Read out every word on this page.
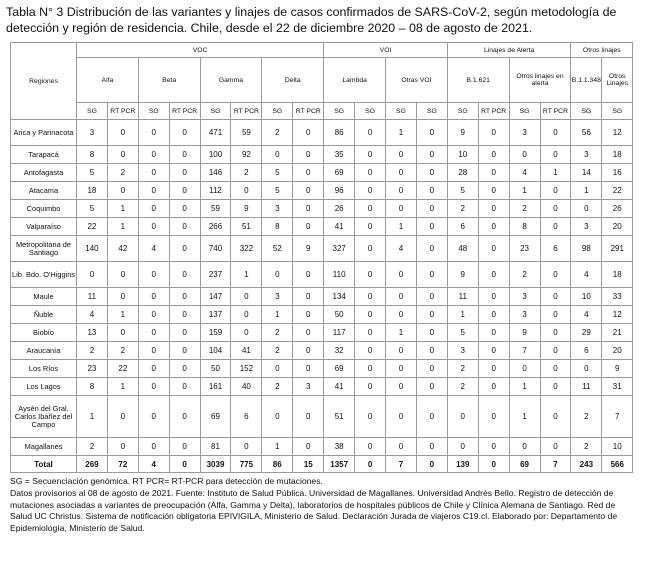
Tabla N° 3 Distribución de las variantes y linajes de casos confirmados de SARS-CoV-2, según metodología de detección y región de residencia. Chile, desde el 22 de diciembre 2020 – 08 de agosto de 2021.

Regiones	VOC								VOI				Linajes de Alerta				Otros linajes	
	Alfa		Beta		Gamma		Delta		Lambda		Otras VOI		B.1.621		Otros linajes en alerta		B.1.1.348	Otros Linajes
	SG	RT PCR	SG	RT PCR	SG	RT PCR	SG	RT PCR	SG	SG	SG	SG	SG	RT PCR	SG	RT PCR	SG	SG
Arica y Parinacota	3	0	0	0	471	59	2	0	86	0	1	0	9	0	3	0	56	12
Tarapacá	8	0	0	0	100	92	0	0	35	0	0	0	10	0	0	0	3	18
Antofagasta	5	2	0	0	146	2	5	0	69	0	0	0	28	0	4	1	14	16
Atacama	18	0	0	0	112	0	5	0	96	0	0	0	5	0	1	0	1	22
Coquimbo	5	1	0	0	59	9	3	0	26	0	0	0	2	0	2	0	0	26
Valparaíso	22	1	0	0	266	51	8	0	41	0	1	0	6	0	8	0	3	20
Metropolitana de Santiago	140	42	4	0	740	322	52	9	327	0	4	0	48	0	23	6	98	291
Lib. Bdo. O'Higgins	0	0	0	0	237	1	0	0	110	0	0	0	9	0	2	0	4	18
Maule	11	0	0	0	147	0	3	0	134	0	0	0	11	0	3	0	10	33
Ñuble	4	1	0	0	137	0	1	0	50	0	0	0	1	0	3	0	4	12
Biobío	13	0	0	0	159	0	2	0	117	0	1	0	5	0	9	0	29	21
Araucanía	2	2	0	0	104	41	2	0	32	0	0	0	3	0	7	0	6	20
Los Ríos	23	22	0	0	50	152	0	0	69	0	0	0	2	0	0	0	0	9
Los Lagos	8	1	0	0	161	40	2	3	41	0	0	0	2	0	1	0	11	31
Aysén del Gral. Carlos Ibáñez del Campo	1	0	0	0	69	6	0	0	51	0	0	0	0	0	1	0	2	7
Magallanes	2	0	0	0	81	0	1	0	38	0	0	0	0	0	0	0	2	10
Total	269	72	4	0	3039	775	86	15	1357	0	7	0	139	0	69	7	243	566
SG = Secuenciación genómica. RT PCR= RT-PCR para detección de mutaciones.
Datos provisorios al 08 de agosto de 2021. Fuente: Instituto de Salud Pública. Universidad de Magallanes. Universidad Andrés Bello. Registro de detección de mutaciones asociadas a variantes de preocupación (Alfa, Gamma y Delta), laboratorios de hospitales públicos de Chile y Clínica Alemana de Santiago. Red de Salud UC Christus. Sistema de notificación obligatoria EPIVIGILA, Ministerio de Salud. Declaración Jurada de viajeros C19.cl. Elaborado por: Departamento de Epidemiología, Ministerio de Salud.
